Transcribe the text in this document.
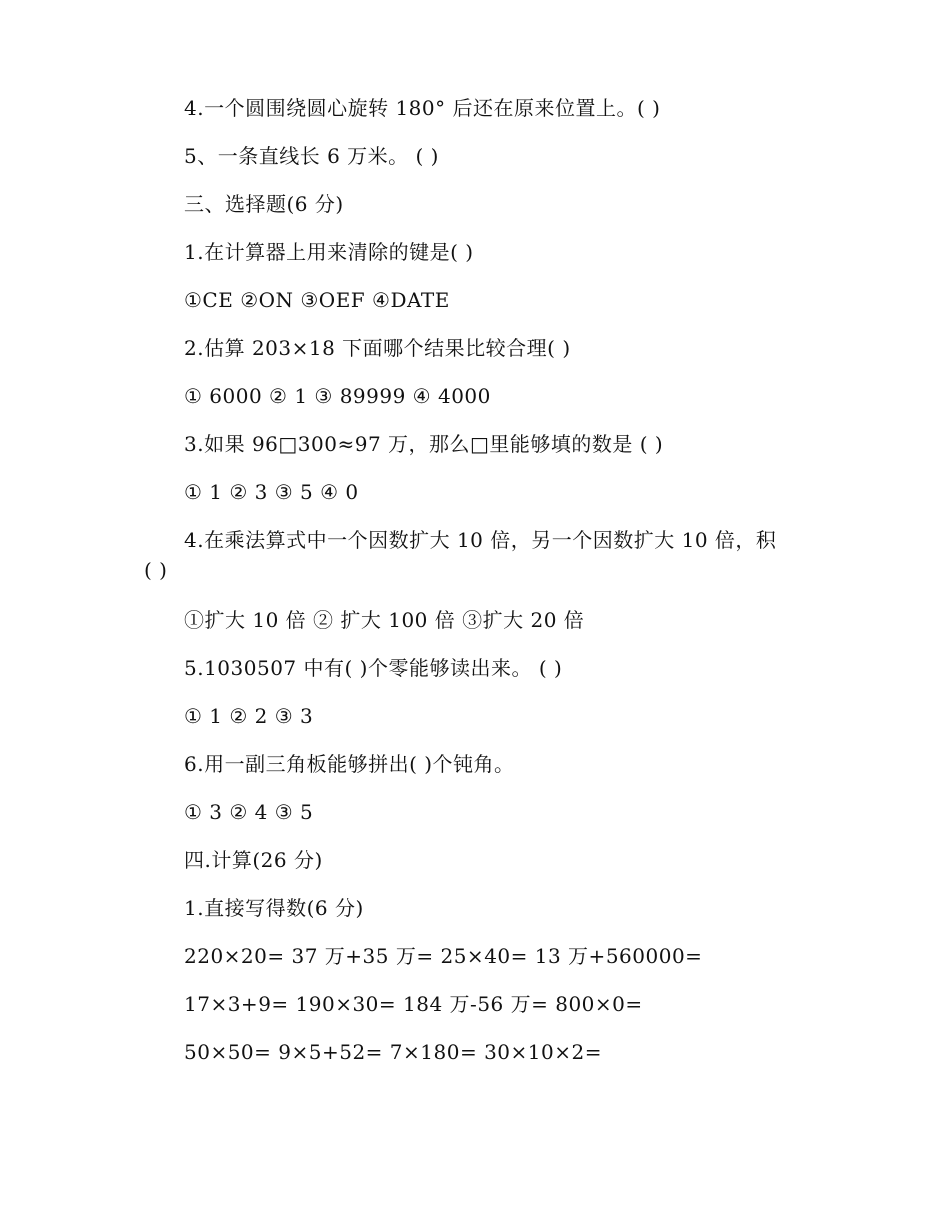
4.一个圆围绕圆心旋转 180° 后还在原来位置上。( )
5、一条直线长 6 万米。 ( )
三、选择题(6 分)
1.在计算器上用来清除的键是( )
①CE ②ON ③OEF ④DATE
2.估算 203×18 下面哪个结果比较合理( )
① 6000 ② 1 ③ 89999 ④ 4000
3.如果 96□300≈97 万，那么□里能够填的数是 ( )
① 1 ② 3 ③ 5 ④ 0
4.在乘法算式中一个因数扩大 10 倍，另一个因数扩大 10 倍，积
( )
①扩大 10 倍 ② 扩大 100 倍 ③扩大 20 倍
5.1030507 中有( )个零能够读出来。 ( )
① 1 ② 2 ③ 3
6.用一副三角板能够拼出( )个钝角。
① 3 ② 4 ③ 5
四.计算(26 分)
1.直接写得数(6 分)
220×20= 37 万+35 万= 25×40= 13 万+560000=
17×3+9= 190×30= 184 万-56 万= 800×0=
50×50= 9×5+52= 7×180= 30×10×2=
